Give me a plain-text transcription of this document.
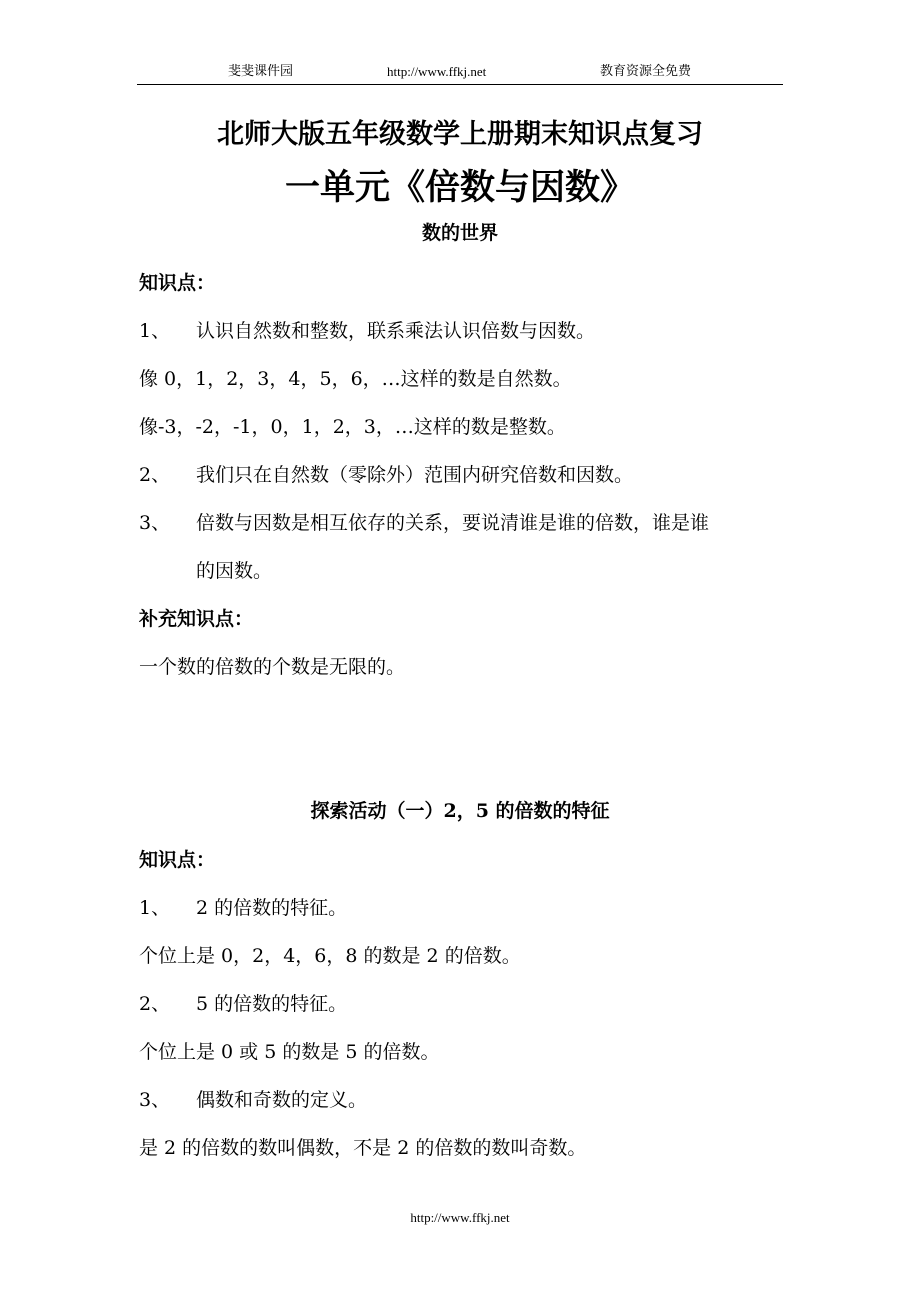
斐斐课件园	http://www.ffkj.net	教育资源全免费
北师大版五年级数学上册期末知识点复习
一单元《倍数与因数》
数的世界
知识点：
1、 认识自然数和整数，联系乘法认识倍数与因数。
像 0，1，2，3，4，5，6，…这样的数是自然数。
像-3，-2，-1，0，1，2，3，…这样的数是整数。
2、 我们只在自然数（零除外）范围内研究倍数和因数。
3、 倍数与因数是相互依存的关系，要说清谁是谁的倍数，谁是谁
的因数。
补充知识点：
一个数的倍数的个数是无限的。
探索活动（一）2，5 的倍数的特征
知识点：
1、 2 的倍数的特征。
个位上是 0，2，4，6，8 的数是 2 的倍数。
2、 5 的倍数的特征。
个位上是 0 或 5 的数是 5 的倍数。
3、 偶数和奇数的定义。
是 2 的倍数的数叫偶数，不是 2 的倍数的数叫奇数。
http://www.ffkj.net
